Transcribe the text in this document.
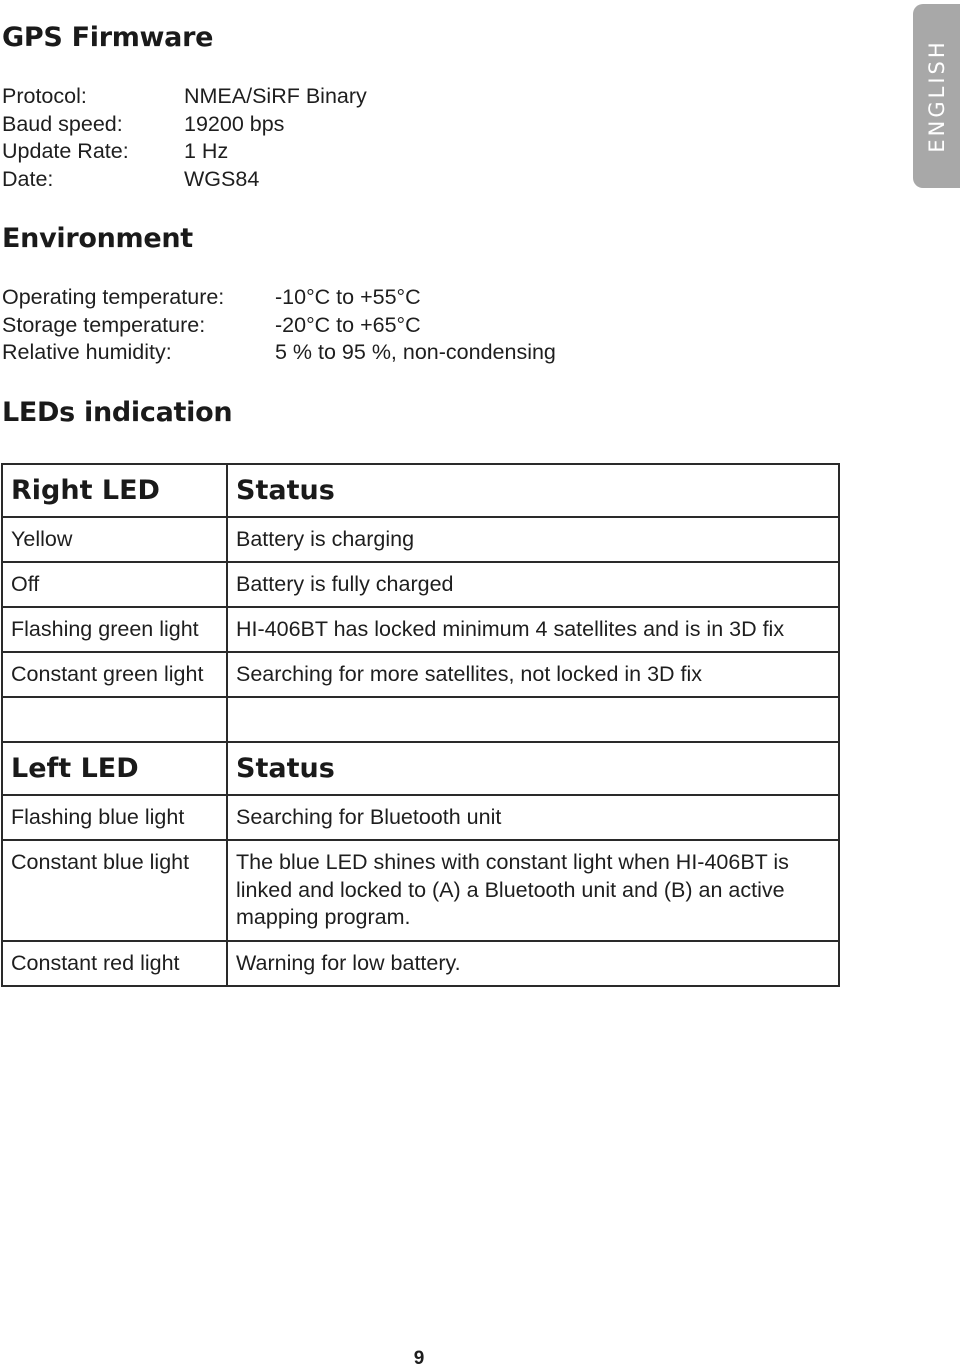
ENGLISH
GPS Firmware
Protocol:	NMEA/SiRF Binary
Baud speed:	19200 bps
Update Rate:	1 Hz
Date:	WGS84
Environment
Operating temperature: -10°C to +55°C
Storage temperature:	-20°C to +65°C
Relative humidity:	5 % to 95 %, non-condensing
LEDs indication
Right LED	Status
Yellow	Battery is charging
Off	Battery is fully charged
Flashing green light	HI-406BT has locked minimum 4 satellites and is in 3D fix
Constant green light	Searching for more satellites, not locked in 3D fix

Left LED	Status
Flashing blue light	Searching for Bluetooth unit
Constant blue light	The blue LED shines with constant light when HI-406BT is linked and locked to (A) a Bluetooth unit and (B) an active mapping program.
Constant red light	Warning for low battery.
9
